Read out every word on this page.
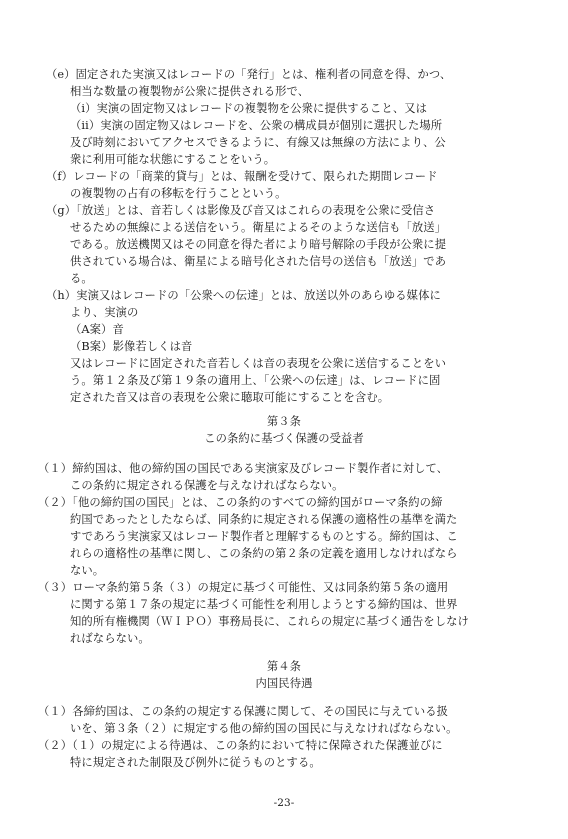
（e）固定された実演又はレコードの「発行」とは、権利者の同意を得、かつ、
相当な数量の複製物が公衆に提供される形で、
（i）実演の固定物又はレコードの複製物を公衆に提供すること、又は
（ii）実演の固定物又はレコードを、公衆の構成員が個別に選択した場所
及び時刻においてアクセスできるように、有線又は無線の方法により、公
衆に利用可能な状態にすることをいう。
（f）レコードの「商業的貸与」とは、報酬を受けて、限られた期間レコード
の複製物の占有の移転を行うことという。
（g）「放送」とは、音若しくは影像及び音又はこれらの表現を公衆に受信さ
せるための無線による送信をいう。衛星によるそのような送信も「放送」
である。放送機関又はその同意を得た者により暗号解除の手段が公衆に提
供されている場合は、衛星による暗号化された信号の送信も「放送」であ
る。
（h）実演又はレコードの「公衆への伝達」とは、放送以外のあらゆる媒体に
より、実演の
（A案）音
（B案）影像若しくは音
又はレコードに固定された音若しくは音の表現を公衆に送信することをい
う。第１２条及び第１９条の適用上、「公衆への伝達」は、レコードに固
定された音又は音の表現を公衆に聴取可能にすることを含む。
第３条
この条約に基づく保護の受益者
（１）締約国は、他の締約国の国民である実演家及びレコード製作者に対して、
この条約に規定される保護を与えなければならない。
（２）「他の締約国の国民」とは、この条約のすべての締約国がローマ条約の締
約国であったとしたならば、同条約に規定される保護の適格性の基準を満た
すであろう実演家又はレコード製作者と理解するものとする。締約国は、こ
れらの適格性の基準に関し、この条約の第２条の定義を適用しなければなら
ない。
（３）ローマ条約第５条（３）の規定に基づく可能性、又は同条約第５条の適用
に関する第１７条の規定に基づく可能性を利用しようとする締約国は、世界
知的所有権機関（ＷＩＰＯ）事務局長に、これらの規定に基づく通告をしなけ
ればならない。
第４条
内国民待遇
（１）各締約国は、この条約の規定する保護に関して、その国民に与えている扱
いを、第３条（２）に規定する他の締約国の国民に与えなければならない。
（２）（１）の規定による待遇は、この条約において特に保障された保護並びに
特に規定された制限及び例外に従うものとする。
-23-
